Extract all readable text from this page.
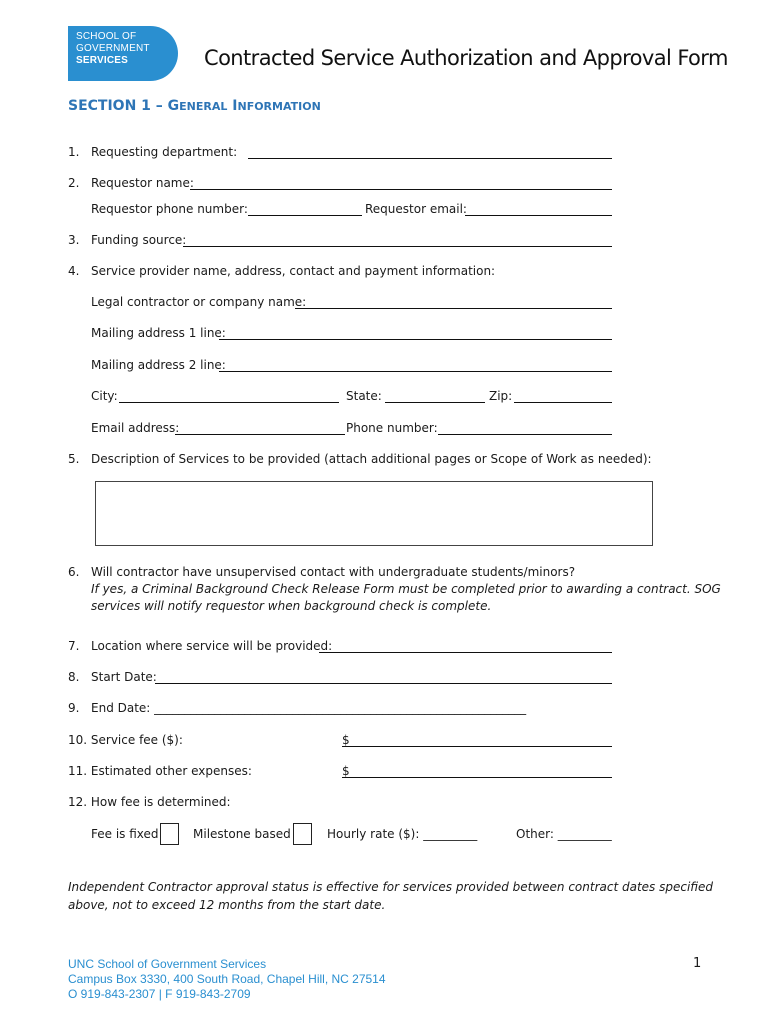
SCHOOL OF
GOVERNMENT
SERVICES	Contracted Service Authorization and Approval Form
SECTION 1 – GENERAL INFORMATION
1. Requesting department:
2. Requestor name:
Requestor phone number:	Requestor email:
3. Funding source:
4. Service provider name, address, contact and payment information:
Legal contractor or company name:
Mailing address 1 line:
Mailing address 2 line:
City:	State:	Zip:
Email address:	Phone number:
5. Description of Services to be provided (attach additional pages or Scope of Work as needed):
6. Will contractor have unsupervised contact with undergraduate students/minors?
If yes, a Criminal Background Check Release Form must be completed prior to awarding a contract. SOG
services will notify requestor when background check is complete.
7. Location where service will be provided:
8. Start Date:
9. End Date: ______________________________________________________________
10. Service fee ($):	$
11. Estimated other expenses:	$
12. How fee is determined:
Fee is fixed	Milestone based	Hourly rate ($): _________	Other: _________
Independent Contractor approval status is effective for services provided between contract dates specified
above, not to exceed 12 months from the start date.
UNC School of Government Services
Campus Box 3330, 400 South Road, Chapel Hill, NC 27514
O 919-843-2307 | F 919-843-2709
1
